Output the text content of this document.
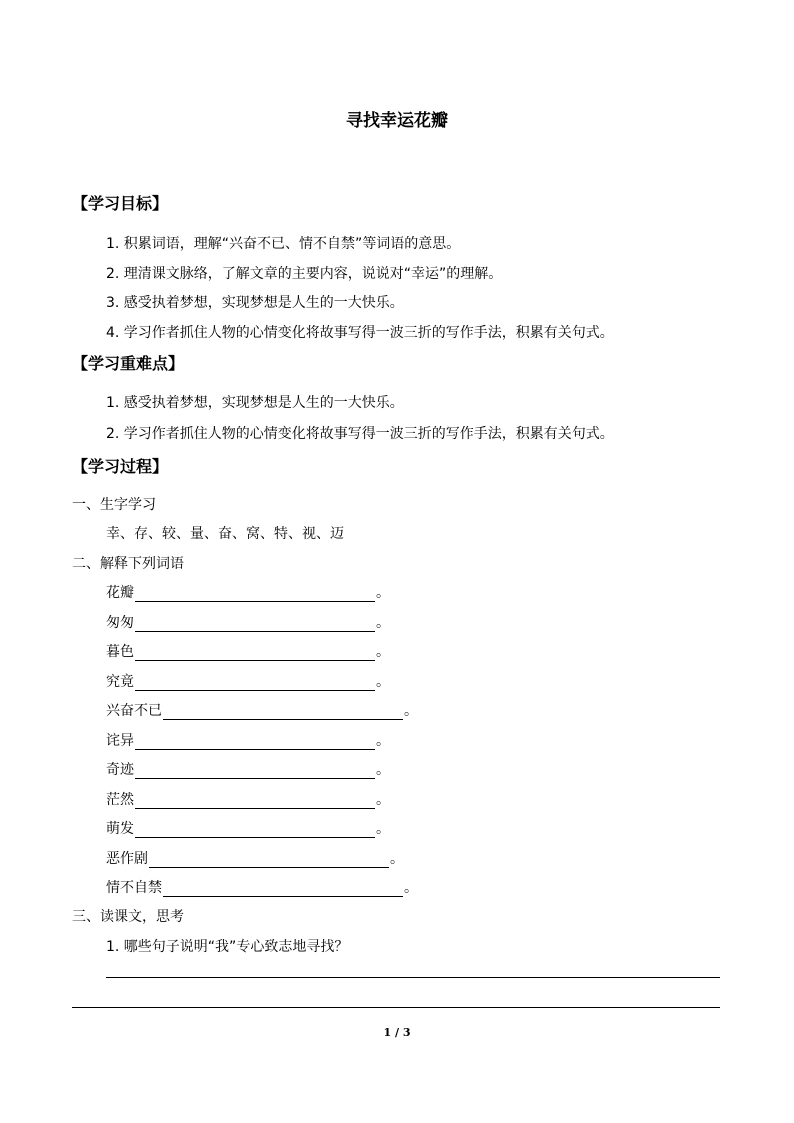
寻找幸运花瓣
【学习目标】
1. 积累词语，理解“兴奋不已、情不自禁”等词语的意思。
2. 理清课文脉络，了解文章的主要内容，说说对“幸运”的理解。
3. 感受执着梦想，实现梦想是人生的一大快乐。
4. 学习作者抓住人物的心情变化将故事写得一波三折的写作手法，积累有关句式。
【学习重难点】
1. 感受执着梦想，实现梦想是人生的一大快乐。
2. 学习作者抓住人物的心情变化将故事写得一波三折的写作手法，积累有关句式。
【学习过程】
一、生字学习
幸、存、较、量、奋、窝、特、视、迈
二、解释下列词语
花瓣	。
匆匆	。
暮色	。
究竟	。
兴奋不已	。
诧异	。
奇迹	。
茫然	。
萌发	。
恶作剧	。
情不自禁	。
三、读课文，思考
1. 哪些句子说明“我”专心致志地寻找？
1 / 3
